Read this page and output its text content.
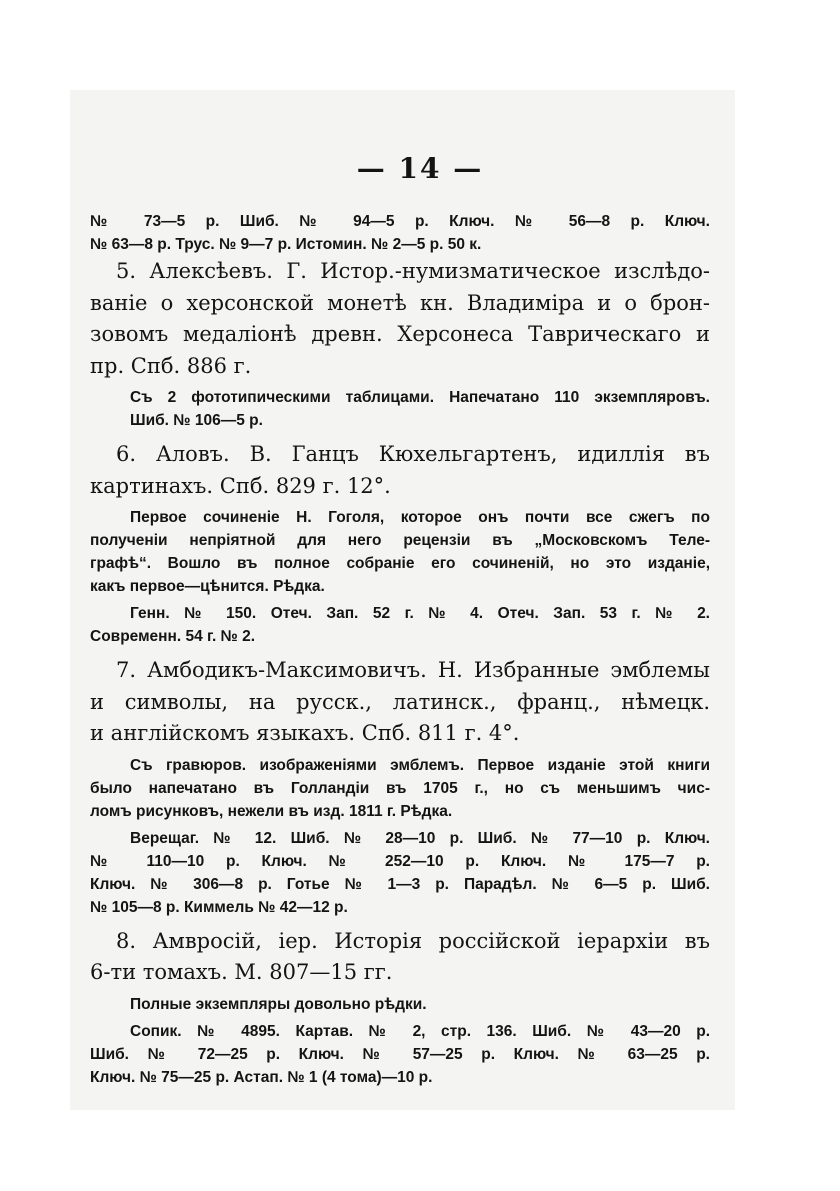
— 14 —
№ 73—5 р. Шиб. № 94—5 р. Ключ. № 56—8 р. Ключ.
№ 63—8 р. Трус. № 9—7 р. Истомин. № 2—5 р. 50 к.
5. Алексѣевъ. Г. Истор.-нумизматическое изслѣдо-
ваніе о херсонской монетѣ кн. Владиміра и о брон-
зовомъ медаліонѣ древн. Херсонеса Таврическаго и
пр. Спб. 886 г.
Съ 2 фототипическими таблицами. Напечатано 110 экземпляровъ.
Шиб. № 106—5 р.
6. Аловъ. В. Ганцъ Кюхельгартенъ, идиллія въ
картинахъ. Спб. 829 г. 12°.
Первое сочиненіе Н. Гоголя, которое онъ почти все сжегъ по
полученіи непріятной для него рецензіи въ „Московскомъ Теле-
графѣ“. Вошло въ полное собраніе его сочиненій, но это изданіе,
какъ первое—цѣнится. Рѣдка.
Генн. № 150. Отеч. Зап. 52 г. № 4. Отеч. Зап. 53 г. № 2.
Современн. 54 г. № 2.
7. Амбодикъ-Максимовичъ. Н. Избранные эмблемы
и символы, на русск., латинск., франц., нѣмецк.
и англійскомъ языкахъ. Спб. 811 г. 4°.
Съ гравюров. изображеніями эмблемъ. Первое изданіе этой книги
было напечатано въ Голландіи въ 1705 г., но съ меньшимъ чис-
ломъ рисунковъ, нежели въ изд. 1811 г. Рѣдка.
Верещаг. № 12. Шиб. № 28—10 р. Шиб. № 77—10 р. Ключ.
№ 110—10 р. Ключ. № 252—10 р. Ключ. № 175—7 р.
Ключ. № 306—8 р. Готье № 1—3 р. Парадѣл. № 6—5 р. Шиб.
№ 105—8 р. Киммель № 42—12 р.
8. Амвросій, іер. Исторія россійской іерархіи въ
6-ти томахъ. М. 807—15 гг.
Полные экземпляры довольно рѣдки.
Сопик. № 4895. Картав. № 2, стр. 136. Шиб. № 43—20 р.
Шиб. № 72—25 р. Ключ. № 57—25 р. Ключ. № 63—25 р.
Ключ. № 75—25 р. Астап. № 1 (4 тома)—10 р.
